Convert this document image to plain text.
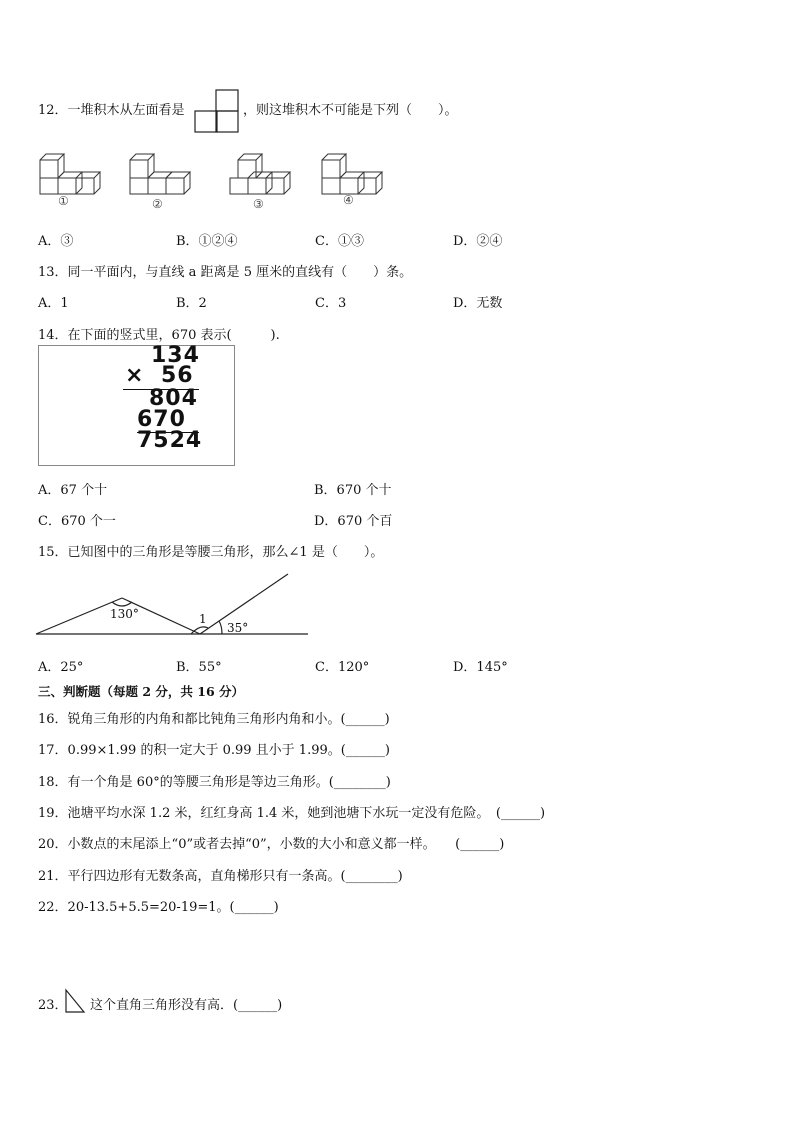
12．一堆积木从左面看是	，则这堆积木不可能是下列（　　）。
①	②	③	④
A．③	B．①②④	C．①③	D．②④
13．同一平面内，与直线 a 距离是 5 厘米的直线有（　　）条。
A．1	B．2	C．3	D．无数
14．在下面的竖式里，670 表示(　　　).
134
× 56
804
670
7524
A．67 个十	B．670 个十
C．670 个一	D．670 个百
15．已知图中的三角形是等腰三角形，那么∠1 是（　　）。
130°	1
35°
A．25°	B．55°	C．120°	D．145°
三、判断题（每题 2 分，共 16 分）
16．锐角三角形的内角和都比钝角三角形内角和小。(______)
17．0.99×1.99 的积一定大于 0.99 且小于 1.99。(______)
18．有一个角是 60°的等腰三角形是等边三角形。(________)
19．池塘平均水深 1.2 米，红红身高 1.4 米，她到池塘下水玩一定没有危险。　(______)
20．小数点的末尾添上“0”或者去掉“0”，小数的大小和意义都一样。　　(______)
21．平行四边形有无数条高，直角梯形只有一条高。(________)
22．20-13.5+5.5=20-19=1。(______)
23． 这个直角三角形没有高．(______)
